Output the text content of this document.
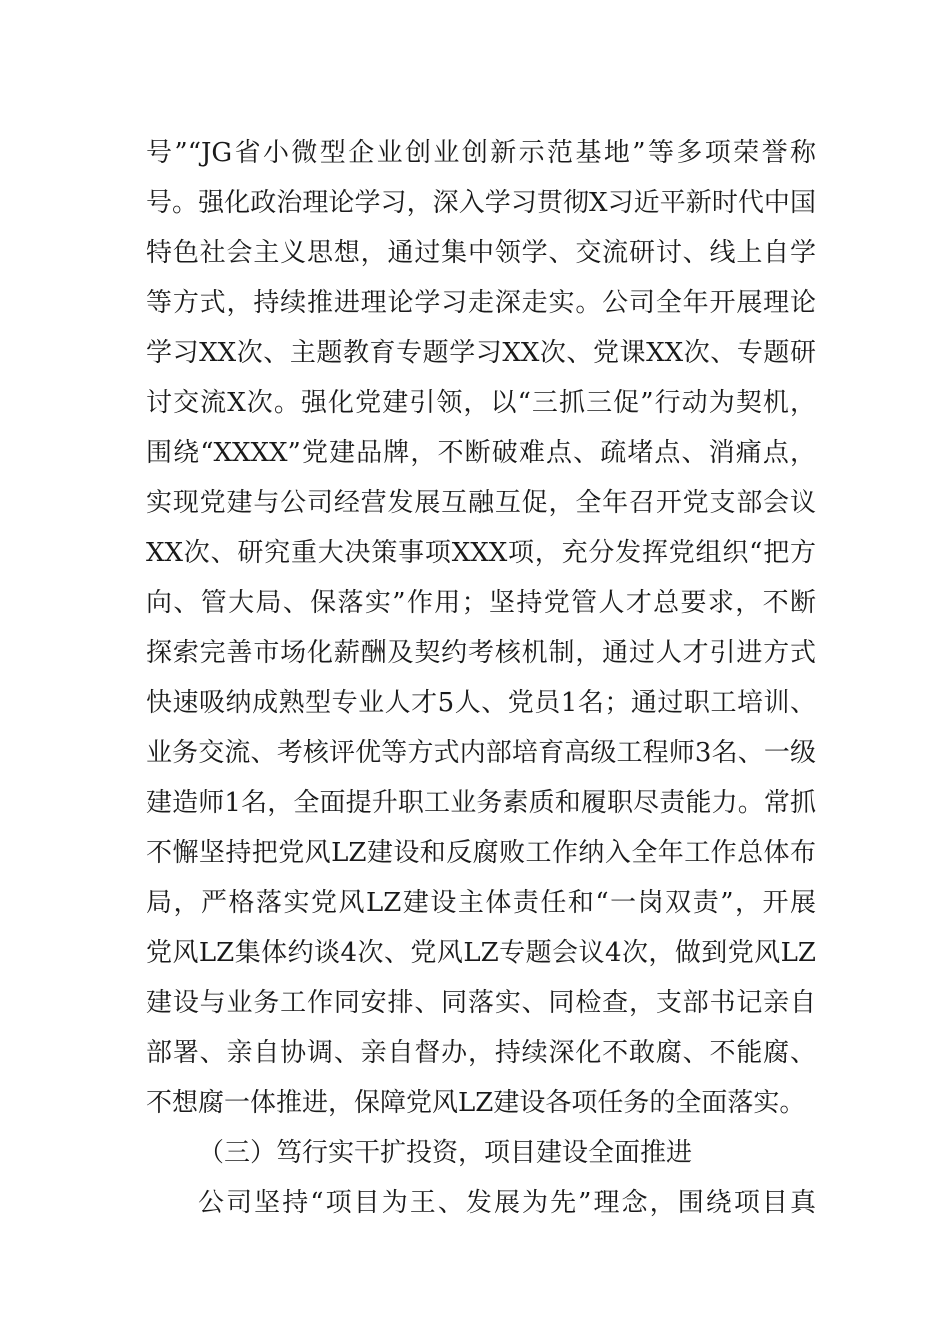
号”“JG省小微型企业创业创新示范基地”等多项荣誉称
号。强化政治理论学习，深入学习贯彻X习近平新时代中国
特色社会主义思想，通过集中领学、交流研讨、线上自学
等方式，持续推进理论学习走深走实。公司全年开展理论
学习XX次、主题教育专题学习XX次、党课XX次、专题研
讨交流X次。强化党建引领，以“三抓三促”行动为契机，
围绕“XXXX”党建品牌，不断破难点、疏堵点、消痛点，
实现党建与公司经营发展互融互促，全年召开党支部会议
XX次、研究重大决策事项XXX项，充分发挥党组织“把方
向、管大局、保落实”作用；坚持党管人才总要求，不断
探索完善市场化薪酬及契约考核机制，通过人才引进方式
快速吸纳成熟型专业人才5人、党员1名；通过职工培训、
业务交流、考核评优等方式内部培育高级工程师3名、一级
建造师1名，全面提升职工业务素质和履职尽责能力。常抓
不懈坚持把党风LZ建设和反腐败工作纳入全年工作总体布
局，严格落实党风LZ建设主体责任和“一岗双责”，开展
党风LZ集体约谈4次、党风LZ专题会议4次，做到党风LZ
建设与业务工作同安排、同落实、同检查，支部书记亲自
部署、亲自协调、亲自督办，持续深化不敢腐、不能腐、
不想腐一体推进，保障党风LZ建设各项任务的全面落实。
（三）笃行实干扩投资，项目建设全面推进
公司坚持“项目为王、发展为先”理念，围绕项目真
